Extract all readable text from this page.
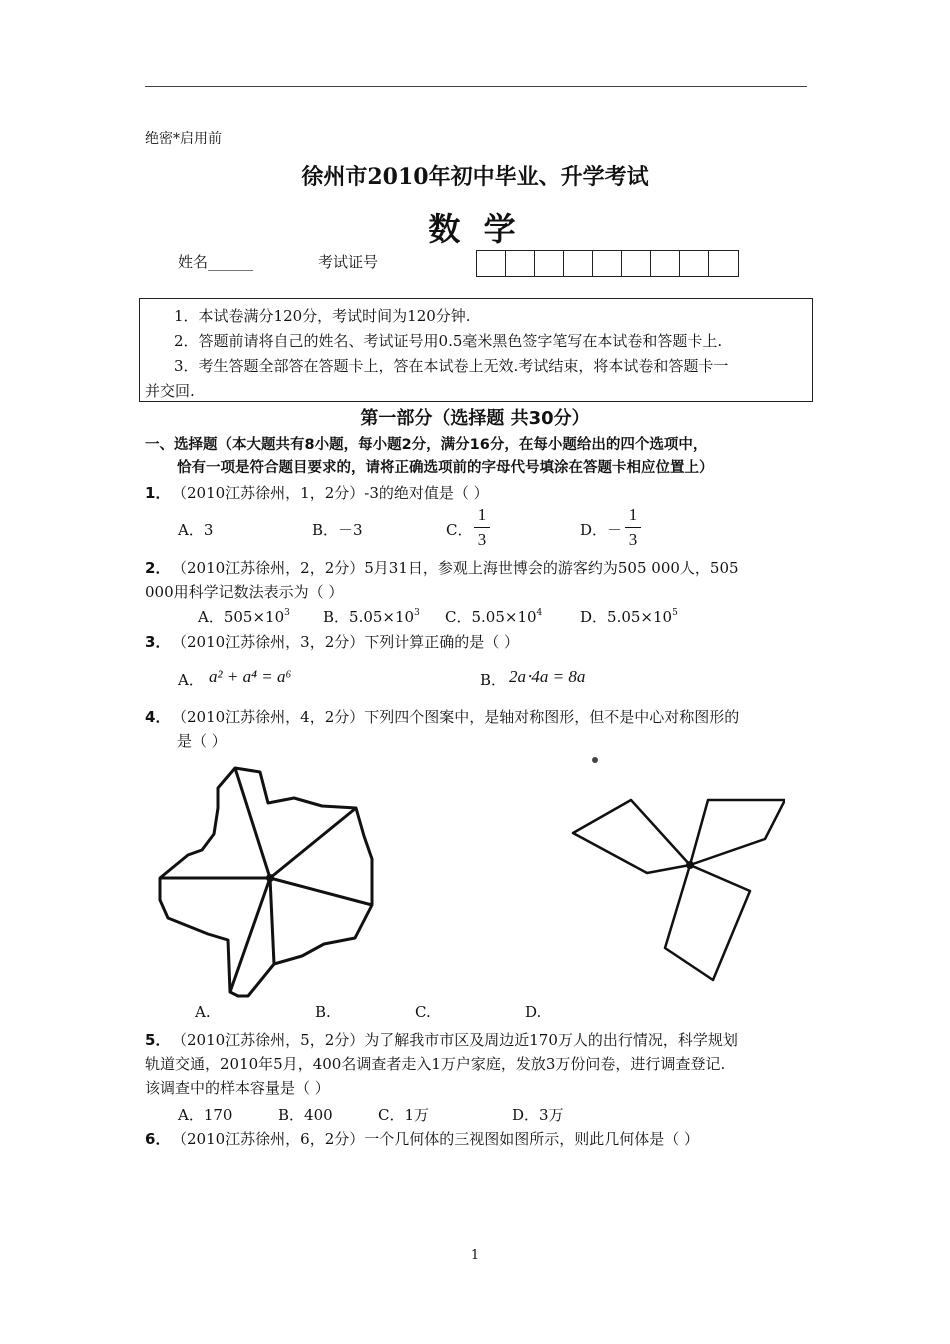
绝密*启用前
徐州市2010年初中毕业、升学考试
数 学
姓名______	考试证号
1．本试卷满分120分，考试时间为120分钟.
2．答题前请将自己的姓名、考试证号用0.5毫米黑色签字笔写在本试卷和答题卡上.
3．考生答题全部答在答题卡上，答在本试卷上无效.考试结束，将本试卷和答题卡一
并交回.
第一部分（选择题 共30分）
一、选择题（本大题共有8小题，每小题2分，满分16分，在每小题给出的四个选项中，
恰有一项是符合题目要求的，请将正确选项前的字母代号填涂在答题卡相应位置上）
1． （2010江苏徐州，1，2分）-3的绝对值是（ ）
A．3	B．－3	C．
1
3	D．－
1
3
2． （2010江苏徐州，2，2分）5月31日，参观上海世博会的游客约为505 000人，505
000用科学记数法表示为（ ）
A．$505\times 10^3$ B．$5.05\times 10^3$ C．$5.05\times 10^4$	D．$5.05\times 10^5$
3． （2010江苏徐州，3，2分）下列计算正确的是（ ）
A． a² + a⁴ = a⁶	B． 2a⋅4a = 8a
4． （2010江苏徐州，4，2分）下列四个图案中，是轴对称图形，但不是中心对称图形的
是（ ）
A.	B.	C.	D.
5． （2010江苏徐州，5，2分）为了解我市市区及周边近170万人的出行情况，科学规划
轨道交通，2010年5月，400名调查者走入1万户家庭，发放3万份问卷，进行调查登记.
该调查中的样本容量是（ ）
A．170	B．400	C．1万	D．3万
6． （2010江苏徐州，6，2分）一个几何体的三视图如图所示，则此几何体是（ ）
1
